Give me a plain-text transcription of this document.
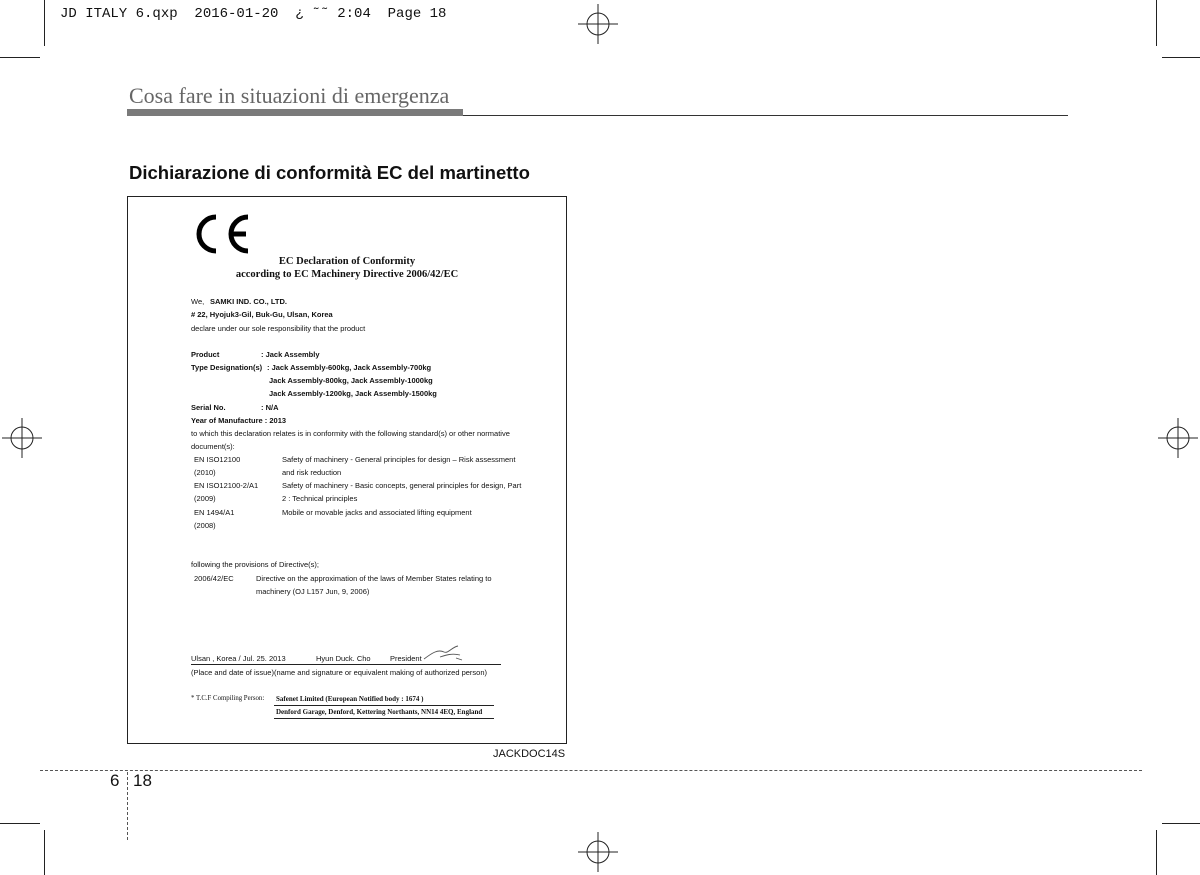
JD ITALY 6.qxp  2016-01-20  ¿ ˜˜ 2:04  Page 18
Cosa fare in situazioni di emergenza
Dichiarazione di conformità EC del martinetto
EC Declaration of Conformity
according to EC Machinery Directive 2006/42/EC
We, SAMKI IND. CO., LTD.
# 22, Hyojuk3-Gil, Buk-Gu, Ulsan, Korea
declare under our sole responsibility that the product
Product	: Jack Assembly
Type Designation(s) : Jack Assembly-600kg, Jack Assembly-700kg
Jack Assembly-800kg, Jack Assembly-1000kg
Jack Assembly-1200kg, Jack Assembly-1500kg
Serial No.	: N/A
Year of Manufacture : 2013
to which this declaration relates is in conformity with the following standard(s) or other normative
document(s):
EN ISO12100	Safety of machinery - General principles for design – Risk assessment
(2010)	and risk reduction
EN ISO12100-2/A1	Safety of machinery - Basic concepts, general principles for design, Part
(2009)	2 : Technical principles
EN 1494/A1	Mobile or movable jacks and associated lifting equipment
(2008)
following the provisions of Directive(s);
2006/42/EC	Directive on the approximation of the laws of Member States relating to
machinery (OJ L157 Jun, 9, 2006)
Ulsan , Korea / Jul. 25. 2013	Hyun Duck. Cho	President
(Place and date of issue)(name and signature or equivalent making of authorized person)
* T.C.F Compiling Person: Safenet Limited (European Notified body : 1674 )
Denford Garage, Denford, Kettering Northants, NN14 4EQ, England
JACKDOC14S
6 18
